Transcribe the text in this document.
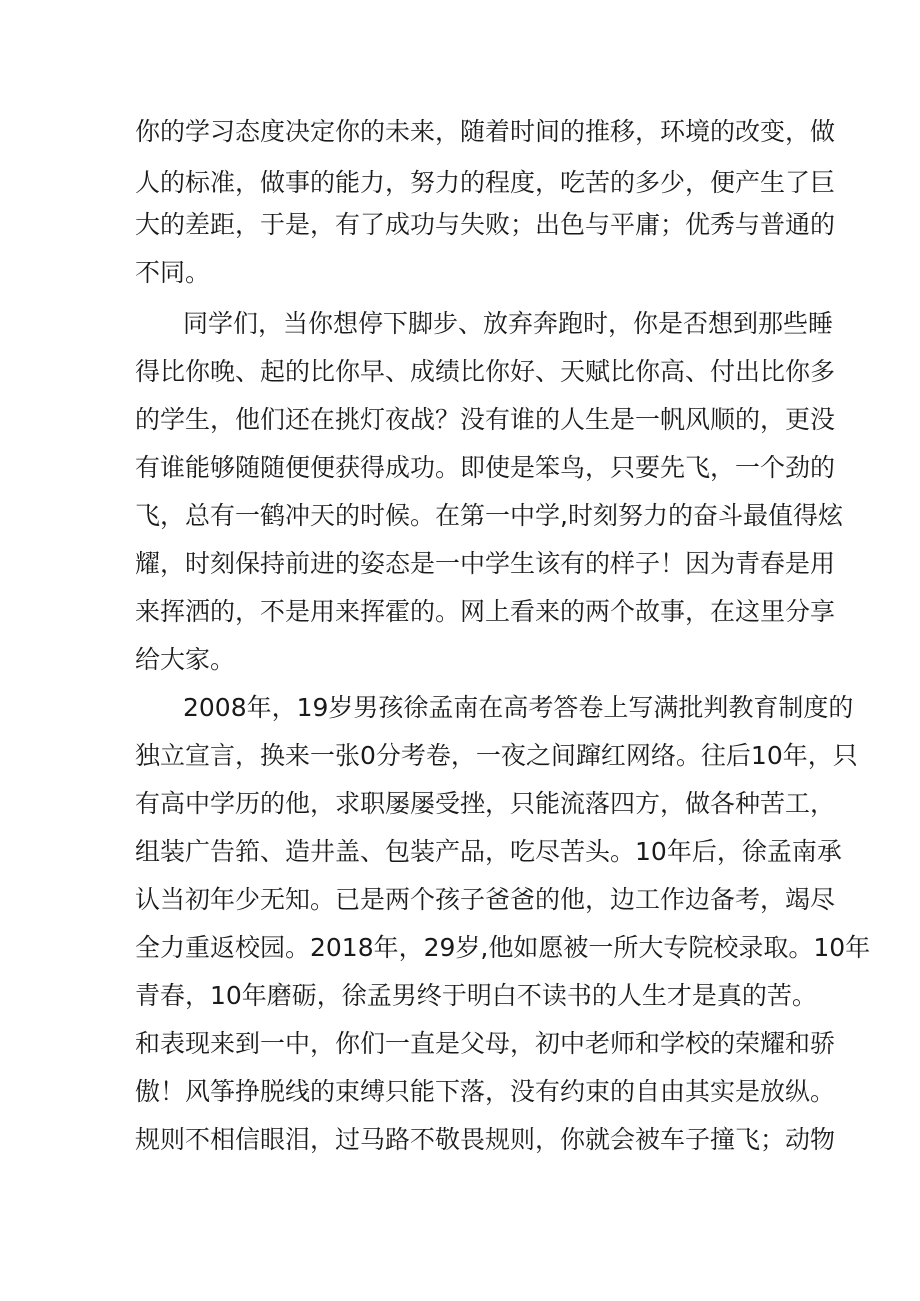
你的学习态度决定你的未来，随着时间的推移，环境的改变，做
人的标准，做事的能力，努力的程度，吃苦的多少，便产生了巨
大的差距，于是，有了成功与失败；出色与平庸；优秀与普通的
不同。
同学们，当你想停下脚步、放弃奔跑时，你是否想到那些睡
得比你晚、起的比你早、成绩比你好、天赋比你高、付出比你多
的学生，他们还在挑灯夜战？没有谁的人生是一帆风顺的，更没
有谁能够随随便便获得成功。即使是笨鸟，只要先飞，一个劲的
飞，总有一鹤冲天的时候。在第一中学,时刻努力的奋斗最值得炫
耀，时刻保持前进的姿态是一中学生该有的样子！因为青春是用
来挥洒的，不是用来挥霍的。网上看来的两个故事，在这里分享
给大家。
2008年，19岁男孩徐孟南在高考答卷上写满批判教育制度的
独立宣言，换来一张0分考卷，一夜之间蹿红网络。往后10年，只
有高中学历的他，求职屡屡受挫，只能流落四方，做各种苦工，
组装广告筘、造井盖、包装产品，吃尽苦头。10年后，徐孟南承
认当初年少无知。已是两个孩子爸爸的他，边工作边备考，竭尽
全力重返校园。2018年，29岁,他如愿被一所大专院校录取。10年
青春，10年磨砺，徐孟男终于明白不读书的人生才是真的苦。
和表现来到一中，你们一直是父母，初中老师和学校的荣耀和骄
傲！风筝挣脱线的束缚只能下落，没有约束的自由其实是放纵。
规则不相信眼泪，过马路不敬畏规则，你就会被车子撞飞；动物
